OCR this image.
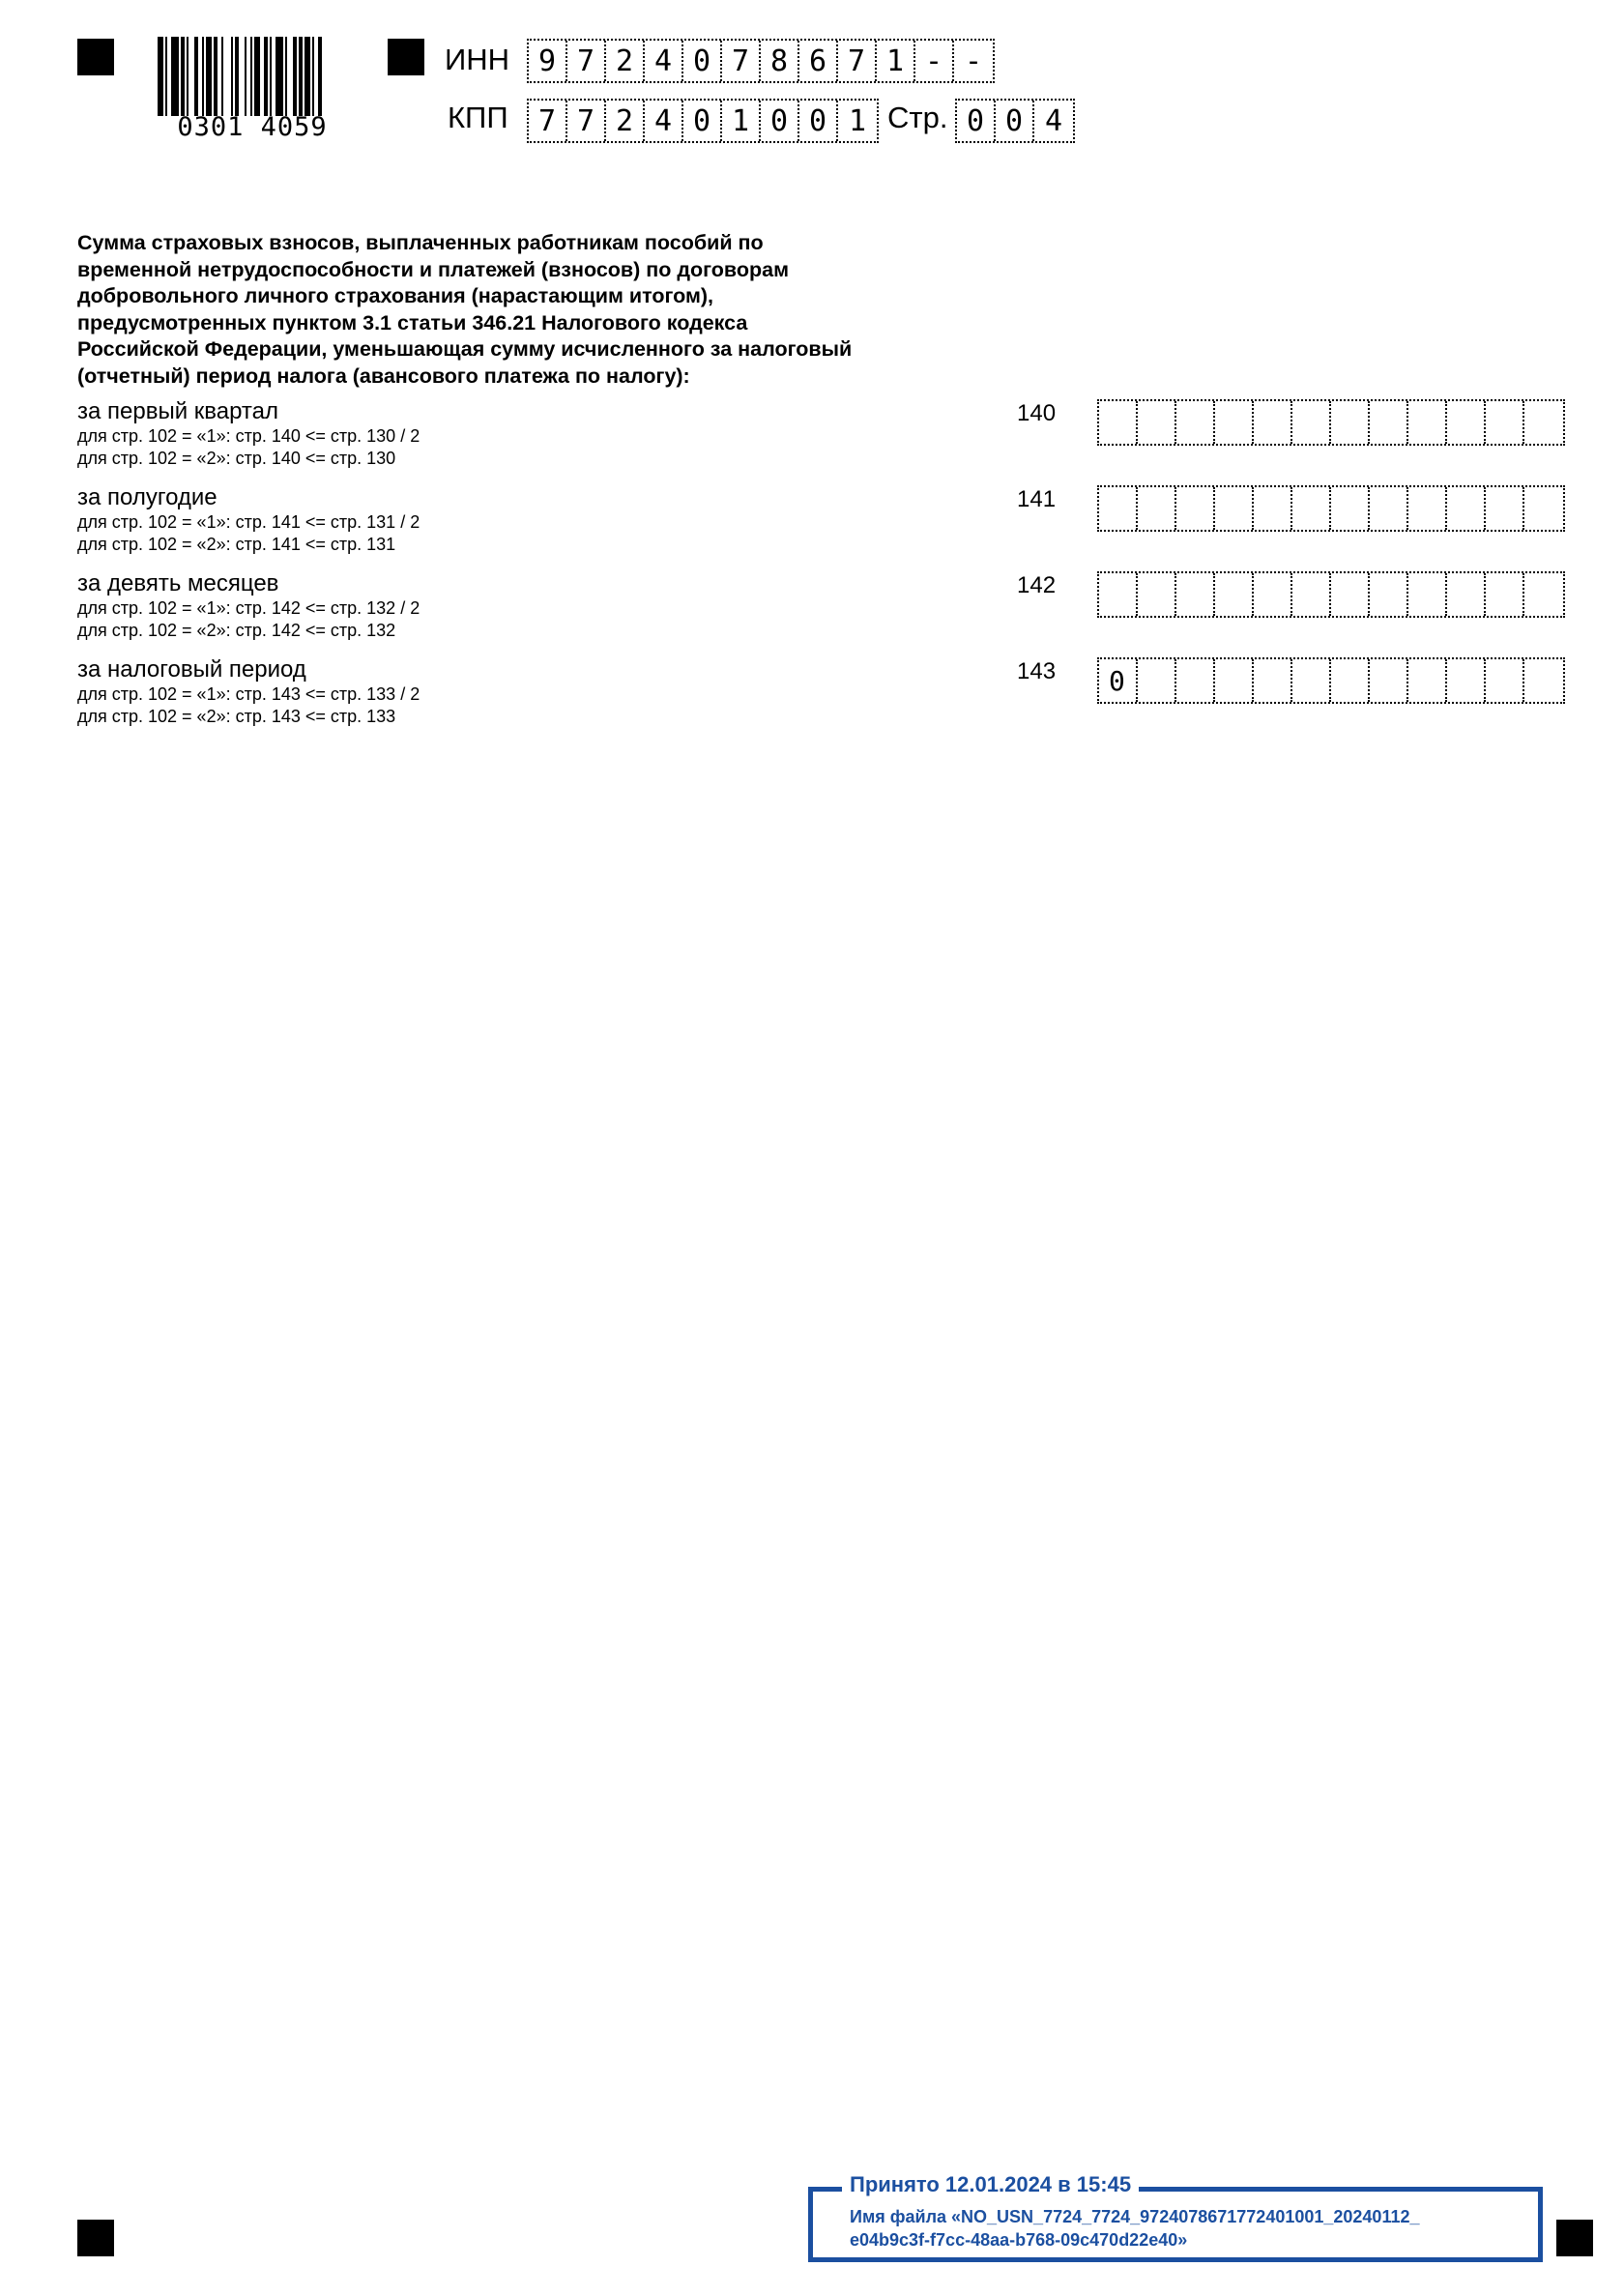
0301 4059
ИНН 9 7 2 4 0 7 8 6 7 1 - -
КПП	7 7 2 4 0 1 0 0 1 Стр. 0 0 4
Сумма страховых взносов, выплаченных работникам пособий по
временной нетрудоспособности и платежей (взносов) по договорам
добровольного личного страхования (нарастающим итогом),
предусмотренных пунктом 3.1 статьи 346.21 Налогового кодекса
Российской Федерации, уменьшающая сумму исчисленного за налоговый
(отчетный) период налога (авансового платежа по налогу):
за первый квартал
для стр. 102 = «1»: стр. 140 <= стр. 130 / 2
для стр. 102 = «2»: стр. 140 <= стр. 130
140
за полугодие
для стр. 102 = «1»: стр. 141 <= стр. 131 / 2
для стр. 102 = «2»: стр. 141 <= стр. 131
141
за девять месяцев
для стр. 102 = «1»: стр. 142 <= стр. 132 / 2
для стр. 102 = «2»: стр. 142 <= стр. 132
142
за налоговый период
для стр. 102 = «1»: стр. 143 <= стр. 133 / 2
для стр. 102 = «2»: стр. 143 <= стр. 133
143	0
Принято 12.01.2024 в 15:45
Имя файла «NO_USN_7724_7724_9724078671772401001_20240112_
e04b9c3f-f7cc-48aa-b768-09c470d22e40»
